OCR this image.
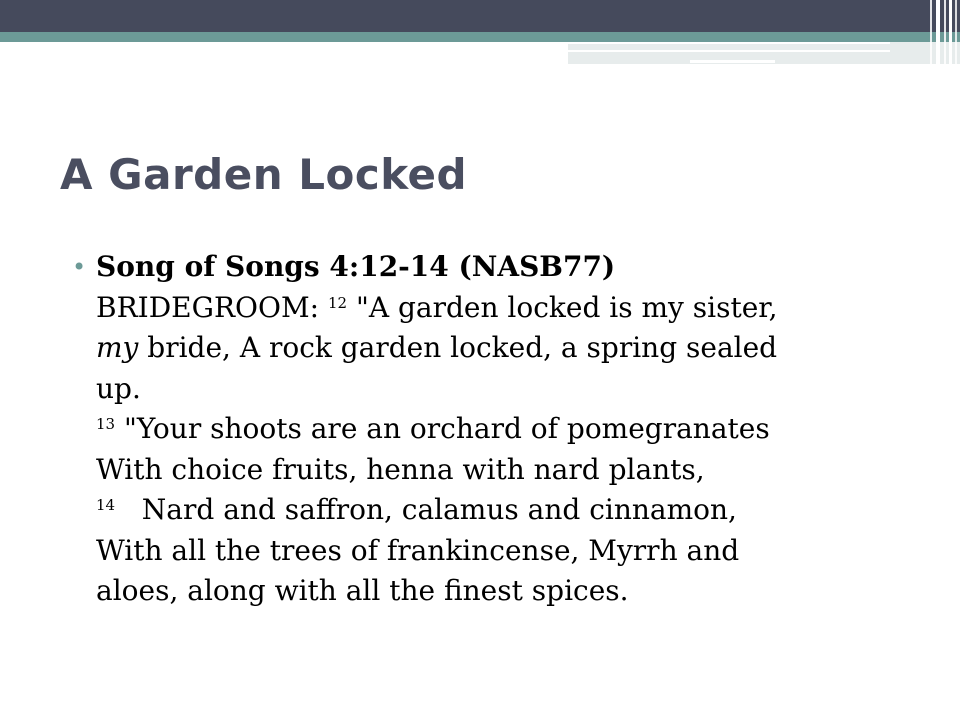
A Garden Locked
• Song of Songs 4:12-14 (NASB77)
BRIDEGROOM: $^{12}$ "A garden locked is my sister,
my bride, A rock garden locked, a spring sealed
up.
$^{13}$ "Your shoots are an orchard of pomegranates
With choice fruits, henna with nard plants,
$^{14}$ Nard and saffron, calamus and cinnamon,
With all the trees of frankincense, Myrrh and
aloes, along with all the finest spices.
